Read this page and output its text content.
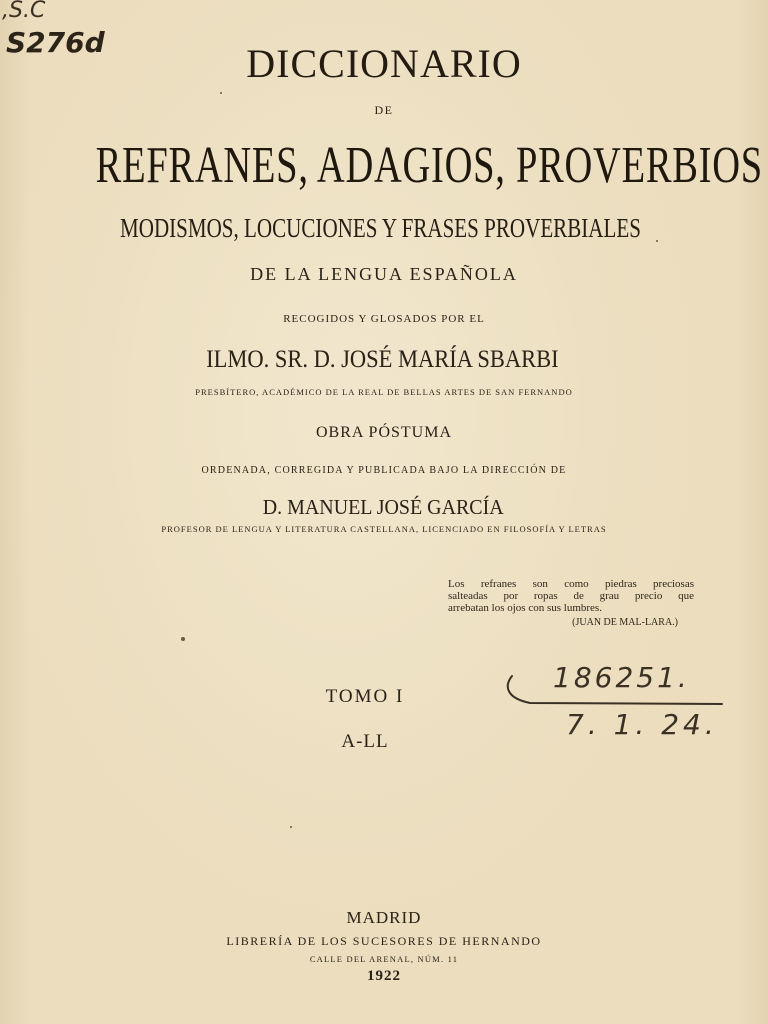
,S.C
S276d	DICCIONARIO
DE
REFRANES, ADAGIOS, PROVERBIOS
MODISMOS, LOCUCIONES Y FRASES PROVERBIALES
DE LA LENGUA ESPAÑOLA
RECOGIDOS Y GLOSADOS POR EL
ILMO. SR. D. JOSÉ MARÍA SBARBI
PRESBÍTERO, ACADÉMICO DE LA REAL DE BELLAS ARTES DE SAN FERNANDO
OBRA PÓSTUMA
ORDENADA, CORREGIDA Y PUBLICADA BAJO LA DIRECCIÓN DE
D. MANUEL JOSÉ GARCÍA
PROFESOR DE LENGUA Y LITERATURA CASTELLANA, LICENCIADO EN FILOSOFÍA Y LETRAS
Los refranes son como piedras preciosas
salteadas por ropas de grau precio que
arrebatan los ojos con sus lumbres.
(JUAN DE MAL-LARA.)
TOMO I
A-LL
186251.
7. 1. 24.
MADRID
LIBRERÍA DE LOS SUCESORES DE HERNANDO
CALLE DEL ARENAL, NÚM. 11
1922
